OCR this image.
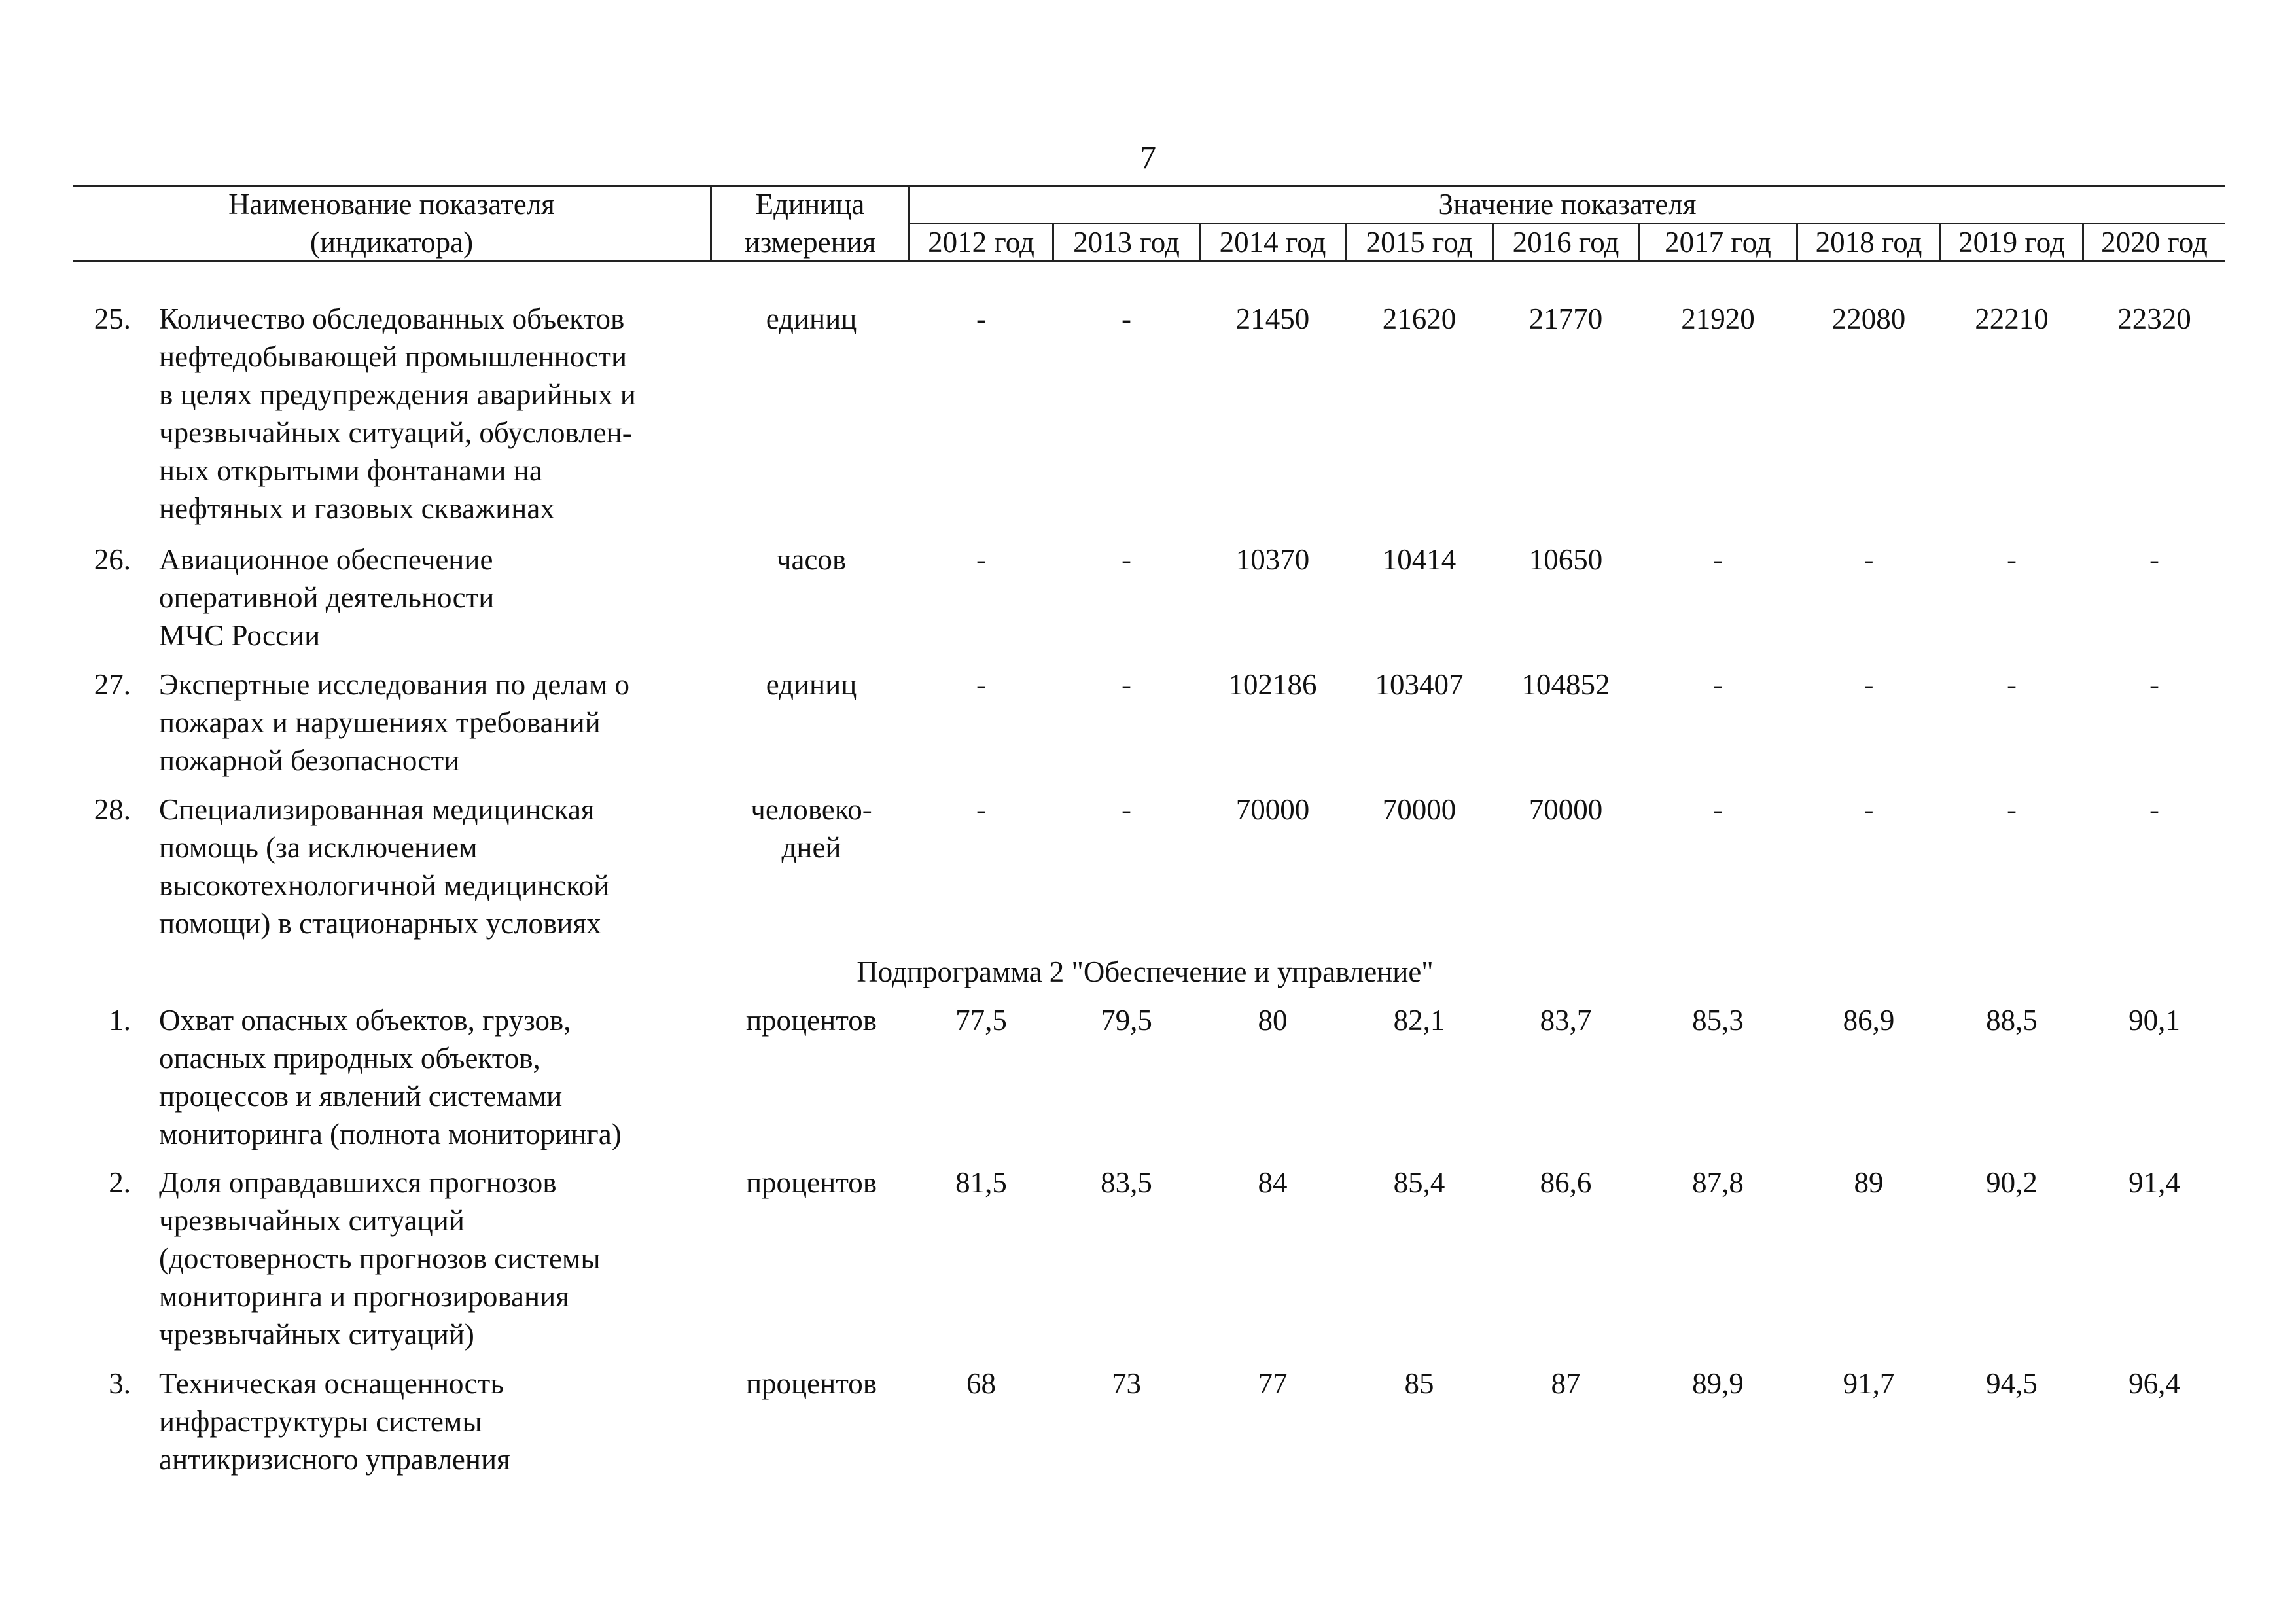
7
Наименование показателя
(индикатора)
Единица
измерения
Значение показателя
2012 год	2013 год	2014 год	2015 год	2016 год	2017 год	2018 год	2019 год	2020 год
25. Количество обследованных объектов
нефтедобывающей промышленности
в целях предупреждения аварийных и
чрезвычайных ситуаций, обусловлен-
ных открытыми фонтанами на
нефтяных и газовых скважинах
единиц	-	-	21450	21620	21770	21920	22080	22210	22320
26. Авиационное обеспечение
оперативной деятельности
МЧС России
часов	-	-	10370	10414	10650	-	-	-	-
27. Экспертные исследования по делам о
пожарах и нарушениях требований
пожарной безопасности
единиц	-	-	102186	103407	104852	-	-	-	-
28. Специализированная медицинская
помощь (за исключением
высокотехнологичной медицинской
помощи) в стационарных условиях
человеко-
дней
-	-	70000	70000	70000	-	-	-	-
Подпрограмма 2 "Обеспечение и управление"
1. Охват опасных объектов, грузов,
опасных природных объектов,
процессов и явлений системами
мониторинга (полнота мониторинга)
процентов	77,5	79,5	80	82,1	83,7	85,3	86,9	88,5	90,1
2. Доля оправдавшихся прогнозов
чрезвычайных ситуаций
(достоверность прогнозов системы
мониторинга и прогнозирования
чрезвычайных ситуаций)
процентов	81,5	83,5	84	85,4	86,6	87,8	89	90,2	91,4
3. Техническая оснащенность
инфраструктуры системы
антикризисного управления
процентов	68	73	77	85	87	89,9	91,7	94,5	96,4
